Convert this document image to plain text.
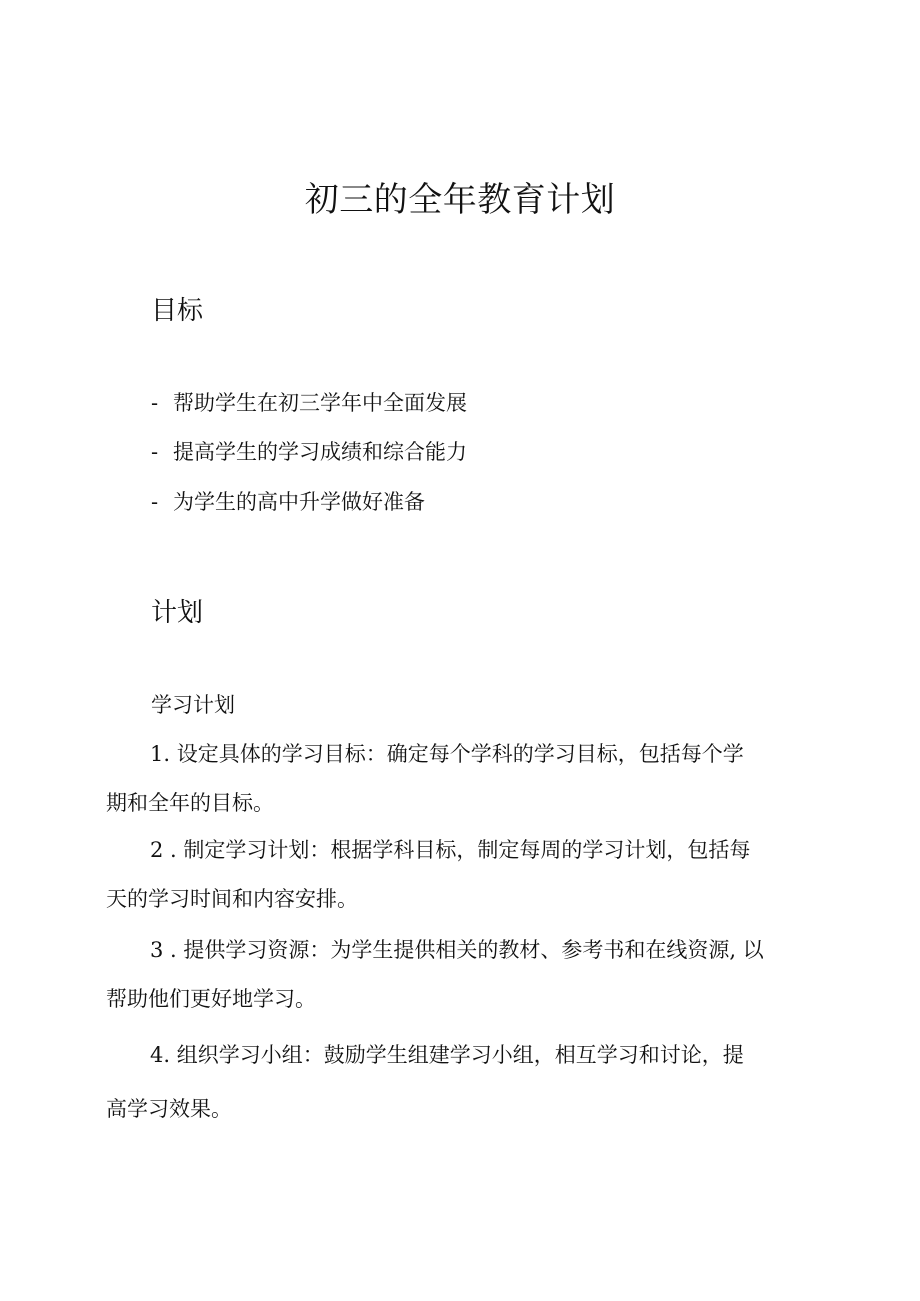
初三的全年教育计划
目标
- 帮助学生在初三学年中全面发展
- 提高学生的学习成绩和综合能力
- 为学生的高中升学做好准备
计划
学习计划
1. 设定具体的学习目标：确定每个学科的学习目标，包括每个学
期和全年的目标。
2 . 制定学习计划：根据学科目标，制定每周的学习计划，包括每
天的学习时间和内容安排。
3 . 提供学习资源：为学生提供相关的教材、参考书和在线资源, 以
帮助他们更好地学习。
4. 组织学习小组：鼓励学生组建学习小组，相互学习和讨论，提
高学习效果。
